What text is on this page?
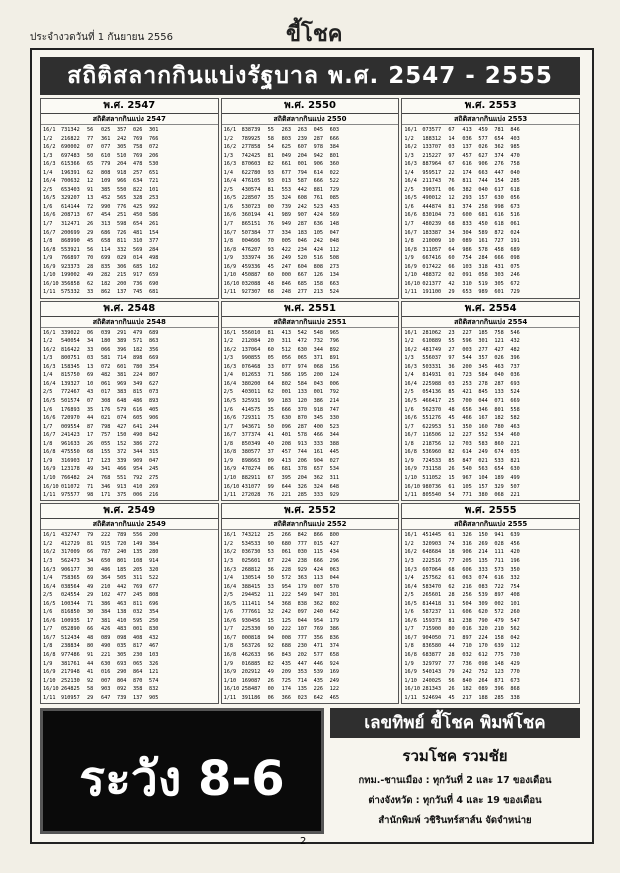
ประจำงวดวันที่ 1 กันยายน 2556	ขี้โชค
สถิติสลากกินแบ่งรัฐบาล พ.ศ. 2547 - 2555
พ.ศ. 2547
สถิติสลากกินแบ่ง 2547
16/1	731342	56	025	357	026	301
1/2	216822	77	361	242	769	766
16/2	690002	07	077	305	758	072
1/3	697483	50	610	510	769	206
16/3	615366	65	779	204	478	530
1/4	196391	62	808	918	257	651
16/4	700632	12	109	966	634	721
2/5	653403	91	385	550	822	101
16/5	329207	13	452	565	328	253
1/6	614144	72	990	776	425	992
16/6	208713	67	454	251	450	586
1/7	312471	26	313	598	654	261
16/7	200699	29	686	726	481	154
1/8	868990	45	658	811	310	377
16/8	553921	56	114	332	569	284
1/9	766897	70	699	029	014	498
16/9	923373	28	835	306	685	102
1/10	199002	49	282	215	917	659
16/10 356858	62	182	200	736	690
1/11	575332	33	862	137	745	681
พ.ศ. 2550
สถิติสลากกินแบ่ง 2550
16/1	838739	55	263	263	045	603
1/2	789925	58	803	239	287	666
16/2	277858	54	625	607	978	384
1/3	742425	81	049	204	942	801
16/3	870603	82	661	001	906	360
1/4	622780	93	677	794	614	022
16/4	476105	93	013	587	666	522
2/5	430574	81	553	442	881	729
16/5	228507	35	324	608	761	085
1/6	530723	00	739	242	523	433
16/6	360194	41	989	907	424	569
1/7	865151	76	949	287	636	148
16/7	507384	77	334	183	105	047
1/8	004606	70	005	046	242	048
16/8	476207	93	422	234	424	112
1/9	333974	36	249	520	516	508
16/9	459336	45	247	604	808	273
1/10	450887	60	000	667	126	134
16/10 032088	48	846	685	158	663
1/11	927307	68	248	277	213	524
พ.ศ. 2553
สถิติสลากกินแบ่ง 2553
16/1	073577	67	413	459	781	846
1/2	188312	14	036	577	654	403
16/2	133707	03	137	026	362	985
1/3	215227	97	457	627	374	470
16/3	887964	67	616	906	276	758
1/4	959517	22	174	663	447	040
16/4	211743	76	811	744	154	285
2/5	390371	06	382	040	617	618
16/5	490012	12	293	157	630	056
1/6	444874	81	374	258	998	673
16/6	830104	73	600	681	616	516
1/7	480239	68	833	450	618	061
16/7	183387	34	304	589	872	024
1/8	210009	10	089	161	727	191
16/8	311057	64	986	578	458	689
1/9	667416	60	754	284	666	098
16/9	017422	66	103	318	431	075
1/10	488372	02	091	058	303	246
16/10 021377	42	310	519	305	672
1/11	191100	29	653	989	601	729
พ.ศ. 2548
สถิติสลากกินแบ่ง 2548
16/1	339022	06	039	291	479	689
1/2	540054	34	180	389	571	863
16/2	816422	33	066	396	182	356
1/3	800751	03	581	714	898	669
16/3	158345	13	072	601	780	354
1/4	815750	69	482	381	224	807
16/4	139327	10	061	969	349	627
2/5	772467	43	017	383	815	073
16/5	501574	07	308	648	486	893
1/6	176893	35	176	579	616	405
16/6	720970	44	021	074	605	906
1/7	009554	87	798	427	641	244
16/7	241423	17	757	150	490	842
1/8	961633	26	055	152	386	272
16/8	475550	68	155	372	344	315
1/9	316903	17	123	339	909	047
16/9	123178	49	341	466	954	245
1/10	766482	24	768	551	792	275
16/10 011072	71	346	913	410	269
1/11	975577	98	171	375	006	216
พ.ศ. 2551
สถิติสลากกินแบ่ง 2551
16/1	556010	81	413	542	548	965
1/2	212084	20	311	472	732	796
16/2	137064	60	512	630	344	892
1/3	990855	05	056	065	371	891
16/3	076468	33	077	974	068	156
1/4	012653	71	586	195	200	124
16/4	380200	64	802	584	043	006
2/5	403011	62	001	133	001	792
16/5	325931	99	183	120	386	214
1/6	414575	35	666	370	918	747
16/6	729311	75	630	870	345	330
1/7	943671	50	096	287	400	523
16/7	377374	41	401	578	466	344
1/8	850349	40	208	913	333	388
16/8	380577	37	457	744	161	445
1/9	898663	09	413	206	904	027
16/9	470274	06	681	378	657	534
1/10	882911	67	395	204	362	311
16/10 431077	99	644	326	324	648
1/11	272028	76	221	285	333	929
พ.ศ. 2554
สถิติสลากกินแบ่ง 2554
16/1	281062	23	227	185	758	546
1/2	610889	55	596	301	121	432
16/2	481749	27	003	277	427	482
1/3	556037	97	544	357	026	396
16/3	503331	36	200	345	463	737
1/4	814931	01	723	584	040	036
16/4	225988	03	253	278	287	693
2/5	054136	85	421	845	133	524
16/5	466417	25	700	044	071	669
1/6	562370	48	656	346	801	558
16/6	551276	45	466	167	182	582
1/7	622953	51	350	160	780	463
16/7	116506	12	227	552	534	460
1/8	218756	12	703	583	860	221
16/8	536960	82	614	249	674	035
1/9	724533	85	847	021	533	821
16/9	731158	26	540	563	654	630
1/10	511052	15	967	104	189	499
16/10 980736	61	105	157	329	507
1/11	805540	54	771	380	068	221
พ.ศ. 2549
สถิติสลากกินแบ่ง 2549
16/1	432747	79	222	789	556	200
1/2	412729	81	915	720	149	384
16/2	317009	66	787	240	135	280
1/3	562473	34	650	801	108	914
16/3	906177	30	486	185	205	320
1/4	758365	69	364	505	311	522
16/4	038564	49	210	442	769	677
2/5	024554	29	102	477	245	808
16/5	100344	71	386	463	811	696
1/6	816850	30	384	138	032	354
16/6	100935	17	381	410	595	250
1/7	052890	66	426	483	001	830
16/7	512434	48	089	098	408	432
1/8	238834	80	490	035	817	467
16/8	977486	91	221	305	230	103
1/9	381761	44	630	693	065	326
16/9	217948	41	016	290	864	121
1/10	252130	92	007	804	870	574
16/10 264825	58	903	092	358	832
1/11	910957	29	647	739	137	905
พ.ศ. 2552
สถิติสลากกินแบ่ง 2552
16/1	743212	25	266	842	866	800
1/2	534533	90	680	777	015	427
16/2	036730	53	061	030	115	434
1/3	025601	67	224	238	666	296
16/3	268812	36	228	929	424	063
1/4	130514	50	572	363	113	044
16/4	388415	33	954	179	007	570
2/5	294452	11	222	549	947	301
16/5	111411	54	368	838	362	802
1/6	777661	32	242	097	240	642
16/6	930456	15	125	044	954	179
1/7	225330	90	222	107	769	386
16/7	000818	94	008	777	356	836
1/8	563726	92	688	230	471	374
16/8	462633	96	843	202	577	658
1/9	016885	82	435	447	446	924
16/9	202912	49	209	353	539	169
1/10	169087	26	725	714	435	249
16/10 258487	00	174	135	226	122
1/11	391186	06	366	023	642	465
พ.ศ. 2555
สถิติสลากกินแบ่ง 2555
16/1	451445	61	326	150	941	639
1/2	320903	74	316	269	028	456
16/2	648684	18	906	214	111	420
1/3	222516	77	205	135	711	196
16/3	607064	68	606	333	573	350
1/4	257562	61	063	074	616	332
16/4	583470	62	216	083	722	754
2/5	265601	28	256	539	897	408
16/5	814418	31	504	309	002	101
1/6	587237	11	606	620	572	260
16/6	159373	81	238	790	479	547
1/7	715900	80	016	320	210	562
16/7	904050	71	897	224	158	042
1/8	836580	44	710	170	639	112
16/8	683877	28	032	612	775	730
1/9	329797	77	736	098	148	429
16/9	540143	79	242	752	123	770
1/10	240025	56	840	264	871	673
16/10 281343	26	182	089	396	868
1/11	524694	45	217	188	285	338
ระวัง 8-6
เลขทิพย์ ขี้โชค พิมพ์โชค
รวมโชค รวมชัย
กทม.-ชานเมือง : ทุกวันที่ 2 และ 17 ของเดือน
ต่างจังหวัด : ทุกวันที่ 4 และ 19 ของเดือน
สำนักพิมพ์ วชิรินทร์สาส์น จัดจำหน่าย
2
